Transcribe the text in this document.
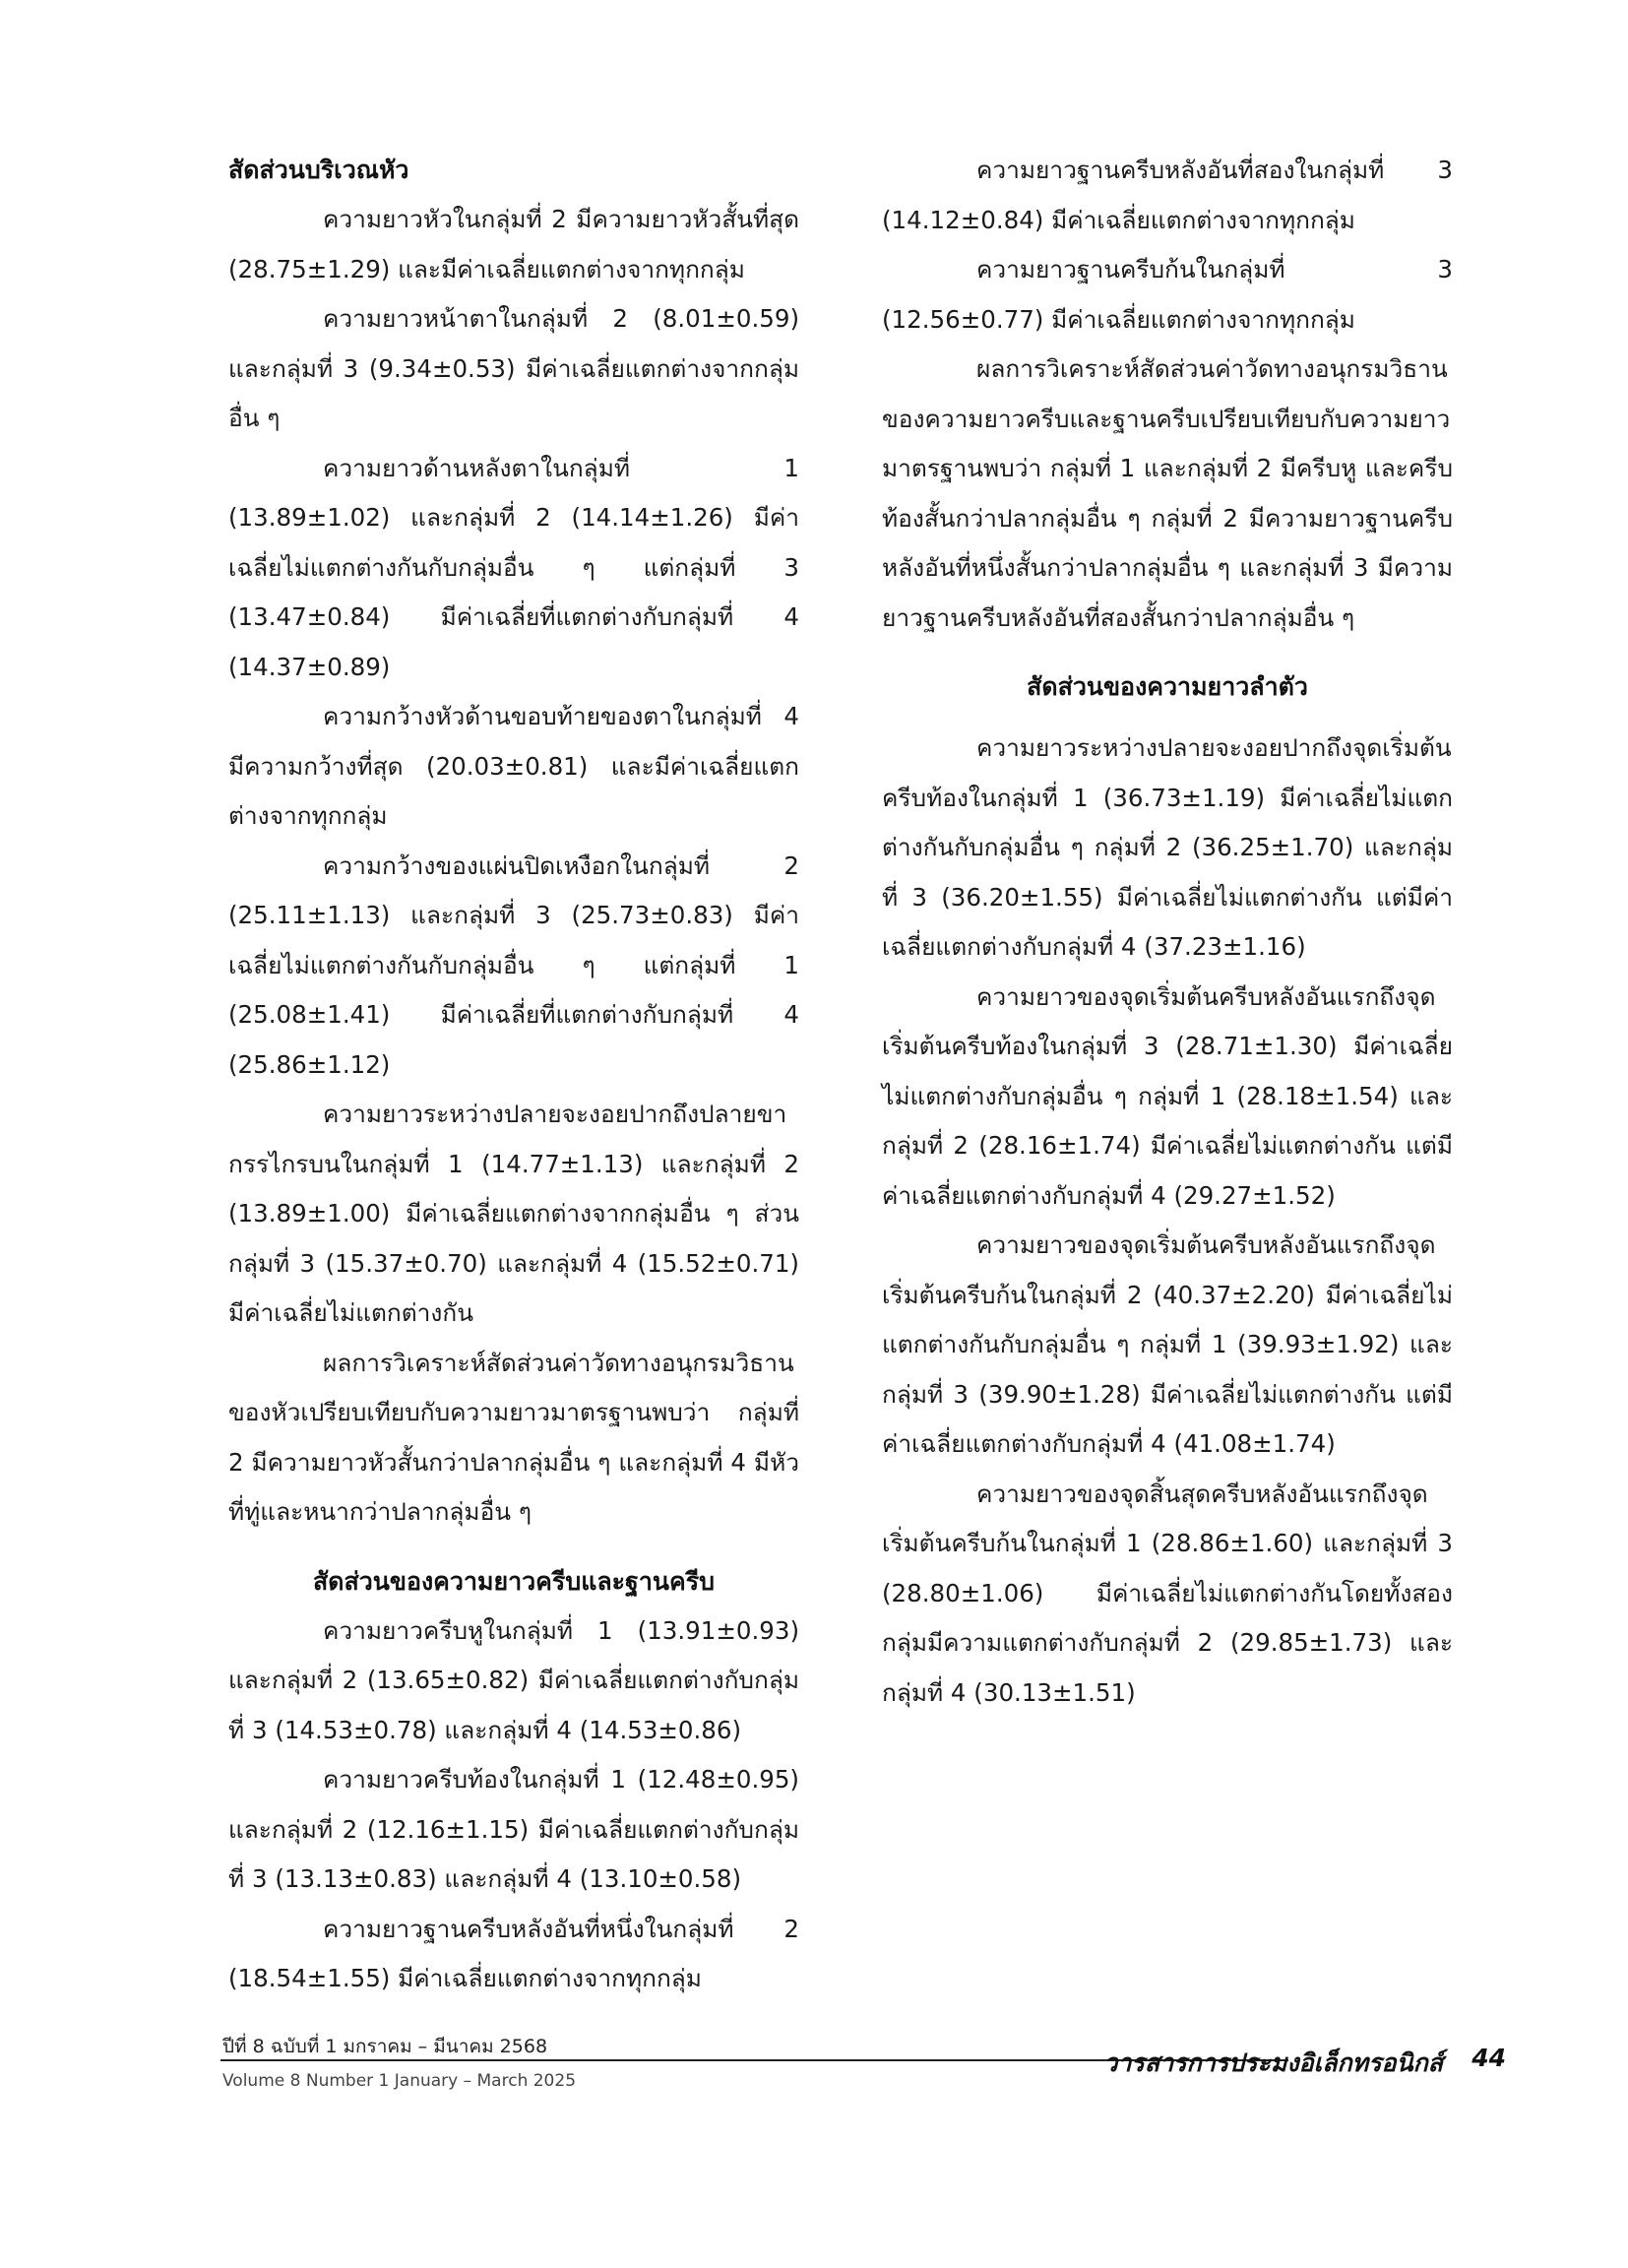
สัดส่วนบริเวณหัว

ความยาวหัวในกลุ่มที่ 2 มีความยาวหัวสั้นที่สุด (28.75±1.29) และมีค่าเฉลี่ยแตกต่างจากทุกกลุ่ม

ความยาวหน้าตาในกลุ่มที่ 2 (8.01±0.59) และกลุ่มที่ 3 (9.34±0.53) มีค่าเฉลี่ยแตกต่างจากกลุ่มอื่น ๆ

ความยาวด้านหลังตาในกลุ่มที่ 1 (13.89±1.02) และกลุ่มที่ 2 (14.14±1.26) มีค่าเฉลี่ยไม่แตกต่างกันกับกลุ่มอื่น ๆ แต่กลุ่มที่ 3 (13.47±0.84) มีค่าเฉลี่ยที่แตกต่างกับกลุ่มที่ 4 (14.37±0.89)

ความกว้างหัวด้านขอบท้ายของตาในกลุ่มที่ 4 มีความกว้างที่สุด (20.03±0.81) และมีค่าเฉลี่ยแตกต่างจากทุกกลุ่ม

ความกว้างของแผ่นปิดเหงือกในกลุ่มที่ 2 (25.11±1.13) และกลุ่มที่ 3 (25.73±0.83) มีค่าเฉลี่ยไม่แตกต่างกันกับกลุ่มอื่น ๆ แต่กลุ่มที่ 1 (25.08±1.41) มีค่าเฉลี่ยที่แตกต่างกับกลุ่มที่ 4 (25.86±1.12)

ความยาวระหว่างปลายจะงอยปากถึงปลายขากรรไกรบนในกลุ่มที่ 1 (14.77±1.13) และกลุ่มที่ 2 (13.89±1.00) มีค่าเฉลี่ยแตกต่างจากกลุ่มอื่น ๆ ส่วนกลุ่มที่ 3 (15.37±0.70) และกลุ่มที่ 4 (15.52±0.71) มีค่าเฉลี่ยไม่แตกต่างกัน

ผลการวิเคราะห์สัดส่วนค่าวัดทางอนุกรมวิธานของหัวเปรียบเทียบกับความยาวมาตรฐานพบว่า กลุ่มที่ 2 มีความยาวหัวสั้นกว่าปลากลุ่มอื่น ๆ และกลุ่มที่ 4 มีหัวที่ทู่และหนากว่าปลากลุ่มอื่น ๆ

สัดส่วนของความยาวครีบและฐานครีบ

ความยาวครีบหูในกลุ่มที่ 1 (13.91±0.93) และกลุ่มที่ 2 (13.65±0.82) มีค่าเฉลี่ยแตกต่างกับกลุ่มที่ 3 (14.53±0.78) และกลุ่มที่ 4 (14.53±0.86)

ความยาวครีบท้องในกลุ่มที่ 1 (12.48±0.95) และกลุ่มที่ 2 (12.16±1.15) มีค่าเฉลี่ยแตกต่างกับกลุ่มที่ 3 (13.13±0.83) และกลุ่มที่ 4 (13.10±0.58)

ความยาวฐานครีบหลังอันที่หนึ่งในกลุ่มที่ 2 (18.54±1.55) มีค่าเฉลี่ยแตกต่างจากทุกกลุ่ม

ความยาวฐานครีบหลังอันที่สองในกลุ่มที่ 3 (14.12±0.84) มีค่าเฉลี่ยแตกต่างจากทุกกลุ่ม

ความยาวฐานครีบก้นในกลุ่มที่ 3 (12.56±0.77) มีค่าเฉลี่ยแตกต่างจากทุกกลุ่ม

ผลการวิเคราะห์สัดส่วนค่าวัดทางอนุกรมวิธานของความยาวครีบและฐานครีบเปรียบเทียบกับความยาวมาตรฐานพบว่า กลุ่มที่ 1 และกลุ่มที่ 2 มีครีบหู และครีบท้องสั้นกว่าปลากลุ่มอื่น ๆ กลุ่มที่ 2 มีความยาวฐานครีบหลังอันที่หนึ่งสั้นกว่าปลากลุ่มอื่น ๆ และกลุ่มที่ 3 มีความยาวฐานครีบหลังอันที่สองสั้นกว่าปลากลุ่มอื่น ๆ

สัดส่วนของความยาวลำตัว

ความยาวระหว่างปลายจะงอยปากถึงจุดเริ่มต้นครีบท้องในกลุ่มที่ 1 (36.73±1.19) มีค่าเฉลี่ยไม่แตกต่างกันกับกลุ่มอื่น ๆ กลุ่มที่ 2 (36.25±1.70) และกลุ่มที่ 3 (36.20±1.55) มีค่าเฉลี่ยไม่แตกต่างกัน แต่มีค่าเฉลี่ยแตกต่างกับกลุ่มที่ 4 (37.23±1.16)

ความยาวของจุดเริ่มต้นครีบหลังอันแรกถึงจุดเริ่มต้นครีบท้องในกลุ่มที่ 3 (28.71±1.30) มีค่าเฉลี่ยไม่แตกต่างกับกลุ่มอื่น ๆ กลุ่มที่ 1 (28.18±1.54) และกลุ่มที่ 2 (28.16±1.74) มีค่าเฉลี่ยไม่แตกต่างกัน แต่มีค่าเฉลี่ยแตกต่างกับกลุ่มที่ 4 (29.27±1.52)

ความยาวของจุดเริ่มต้นครีบหลังอันแรกถึงจุดเริ่มต้นครีบก้นในกลุ่มที่ 2 (40.37±2.20) มีค่าเฉลี่ยไม่แตกต่างกันกับกลุ่มอื่น ๆ กลุ่มที่ 1 (39.93±1.92) และกลุ่มที่ 3 (39.90±1.28) มีค่าเฉลี่ยไม่แตกต่างกัน แต่มีค่าเฉลี่ยแตกต่างกับกลุ่มที่ 4 (41.08±1.74)

ความยาวของจุดสิ้นสุดครีบหลังอันแรกถึงจุดเริ่มต้นครีบก้นในกลุ่มที่ 1 (28.86±1.60) และกลุ่มที่ 3 (28.80±1.06) มีค่าเฉลี่ยไม่แตกต่างกันโดยทั้งสองกลุ่มมีความแตกต่างกับกลุ่มที่ 2 (29.85±1.73) และกลุ่มที่ 4 (30.13±1.51)

ปีที่ 8 ฉบับที่ 1 มกราคม – มีนาคม 2568
Volume 8 Number 1 January – March 2025
วารสารการประมงอิเล็กทรอนิกส์ 44
